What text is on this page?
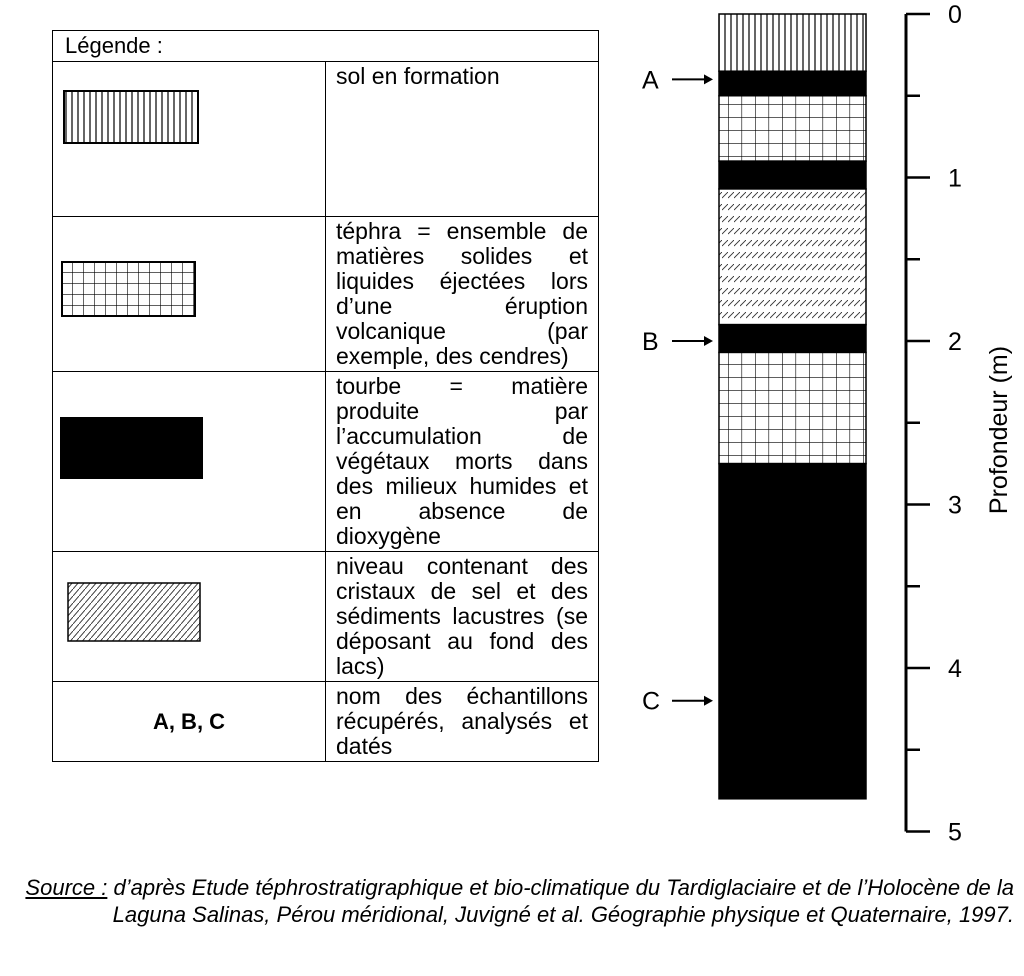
Légende :	

	sol en formation

	téphra = ensemble de matières solides et liquides éjectées lors d’une éruption volcanique (par exemple, des cendres)

	tourbe = matière produite par l’accumulation de végétaux morts dans des milieux humides et en absence de dioxygène

	niveau contenant des cristaux de sel et des sédiments lacustres (se déposant au fond des lacs)
A, B, C	nom des échantillons récupérés, analysés et datés
0
1
2
3
4
5
A
B
C
Profondeur (m)
Source : d’après Etude téphrostratigraphique et bio-climatique du Tardiglaciaire et de l’Holocène de la Laguna Salinas, Pérou méridional, Juvigné et al. Géographie physique et Quaternaire, 1997.
